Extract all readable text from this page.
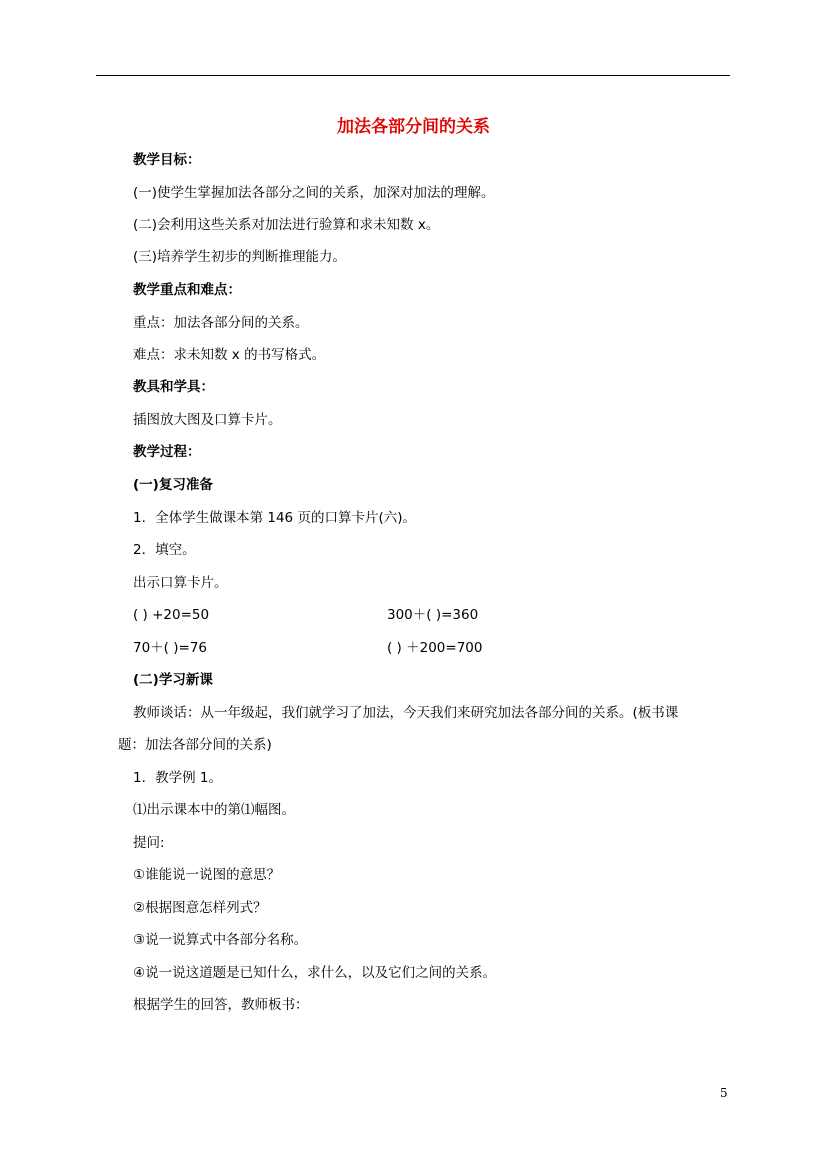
加法各部分间的关系
教学目标：
(一)使学生掌握加法各部分之间的关系，加深对加法的理解。
(二)会利用这些关系对加法进行验算和求未知数 x。
(三)培养学生初步的判断推理能力。
教学重点和难点：
重点：加法各部分间的关系。
难点：求未知数 x 的书写格式。
教具和学具：
插图放大图及口算卡片。
教学过程：
(一)复习准备
1．全体学生做课本第 146 页的口算卡片(六)。
2．填空。
出示口算卡片。
( ) +20=50	300＋( )=360
70＋( )=76	( ) ＋200=700
(二)学习新课
教师谈话：从一年级起，我们就学习了加法，今天我们来研究加法各部分间的关系。(板书课
题：加法各部分间的关系)
1．教学例 1。
⑴出示课本中的第⑴幅图。
提问:
①谁能说一说图的意思？
②根据图意怎样列式？
③说一说算式中各部分名称。
④说一说这道题是已知什么，求什么，以及它们之间的关系。
根据学生的回答，教师板书：
5
